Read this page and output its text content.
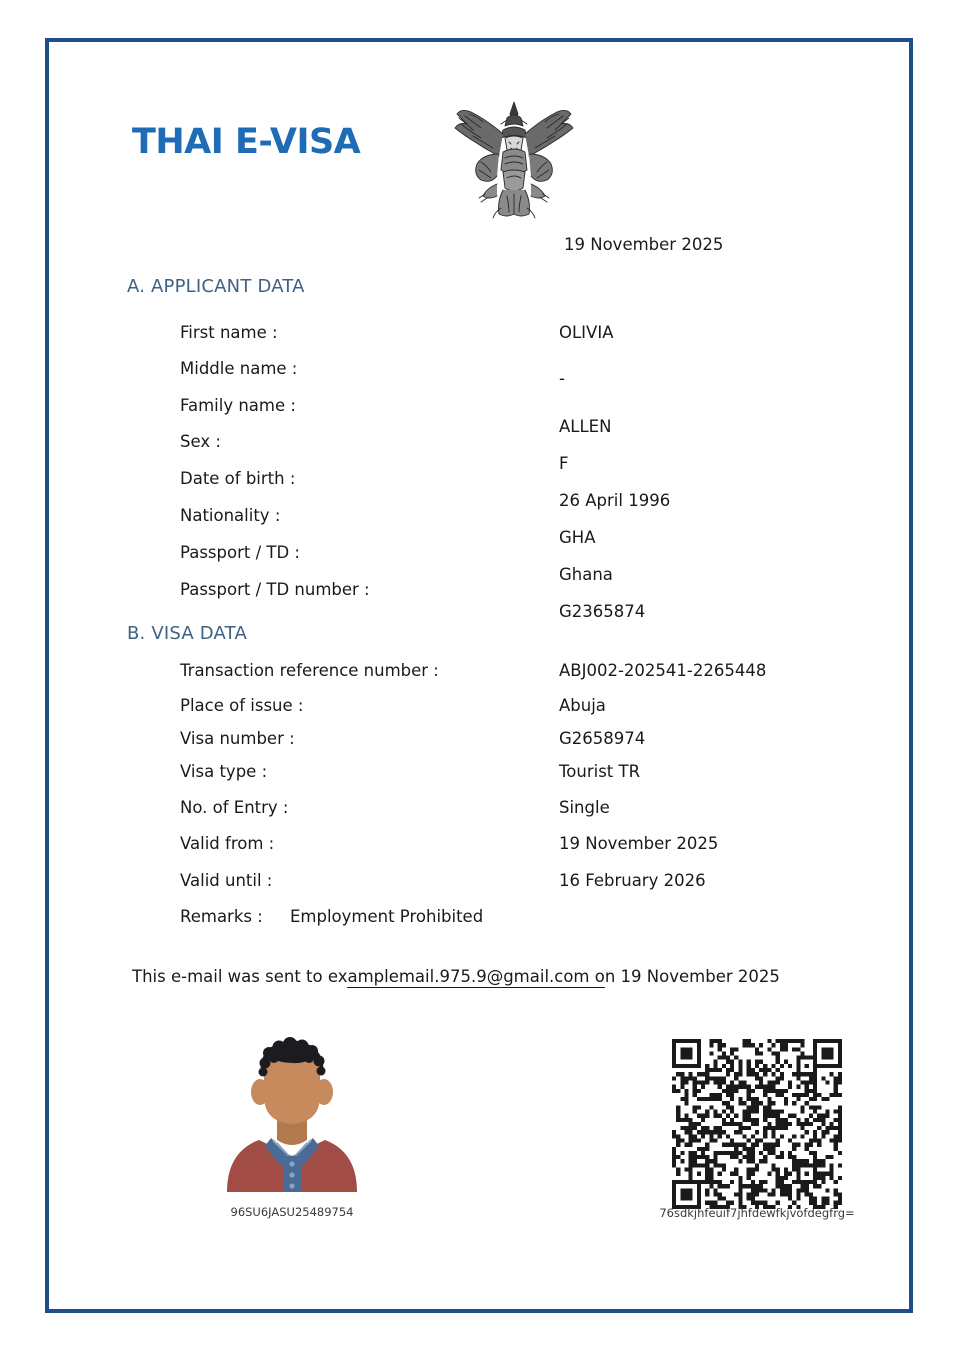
THAI E-VISA
19 November 2025
A. APPLICANT DATA
B. VISA DATA
First name :
Middle name :
Family name :
Sex :
Date of birth :
Nationality :
Passport / TD :
Passport / TD number :
OLIVIA
-
ALLEN
F
26 April 1996
GHA
Ghana
G2365874
Transaction reference number :
Place of issue :
Visa number :
Visa type :
No. of Entry :
Valid from :
Valid until :
Remarks :
ABJ002-202541-2265448
Abuja
G2658974
Tourist TR
Single
19 November 2025
16 February 2026
Employment Prohibited
This e-mail was sent to examplemail.975.9@gmail.com on 19 November 2025
96SU6JASU25489754	76sdkjhfeuif7jhfdewfkjvofdegfrg=
